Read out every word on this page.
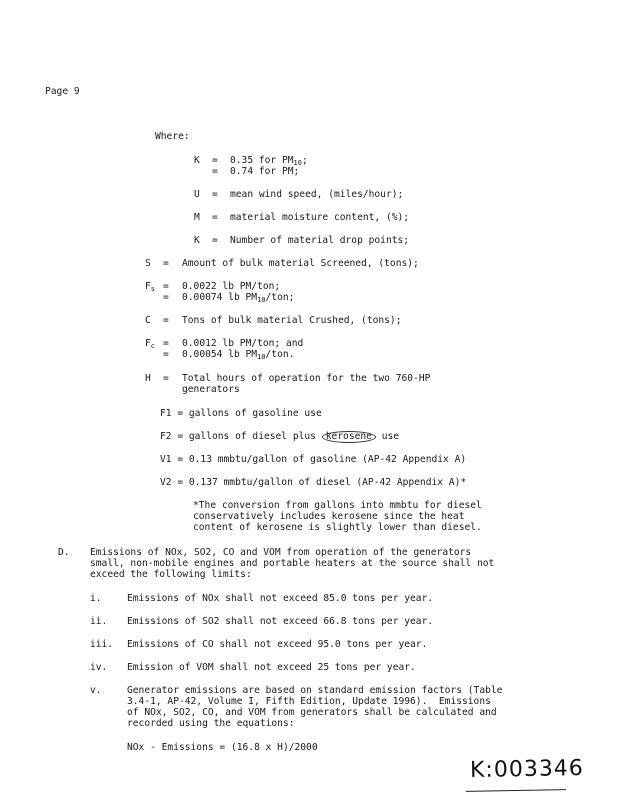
Page 9
Where:
K = 0.35 for $PM_{10}$;
= 0.74 for PM;
U = mean wind speed, (miles/hour);
M = material moisture content, (%);
K = Number of material drop points;
S = Amount of bulk material Screened, (tons);
$F_s = 0.0022$ lb PM/ton;
= 0.00074 lb $PM_{10}$/ton;
C = Tons of bulk material Crushed, (tons);
$F_c = 0.0012$ lb PM/ton; and
= 0.00054 lb $PM_{10}$/ton.
H = Total hours of operation for the two 760-HP
generators
F1 = gallons of gasoline use
F2 = gallons of diesel plus kerosene use
V1 = 0.13 mmbtu/gallon of gasoline (AP-42 Appendix A)
V2 = 0.137 mmbtu/gallon of diesel (AP-42 Appendix A)*
*The conversion from gallons into mmbtu for diesel
conservatively includes kerosene since the heat
content of kerosene is slightly lower than diesel.
D. Emissions of NOx, SO2, CO and VOM from operation of the generators
small, non-mobile engines and portable heaters at the source shall not
exceed the following limits:
i.	Emissions of NOx shall not exceed 85.0 tons per year.
ii. Emissions of SO2 shall not exceed 66.8 tons per year.
iii. Emissions of CO shall not exceed 95.0 tons per year.
iv. Emission of VOM shall not exceed 25 tons per year.
v.	Generator emissions are based on standard emission factors (Table
3.4-1, AP-42, Volume I, Fifth Edition, Update 1996).  Emissions
of NOx, SO2, CO, and VOM from generators shall be calculated and
recorded using the equations:
NOx - Emissions = (16.8 x H)/2000
K:003346
